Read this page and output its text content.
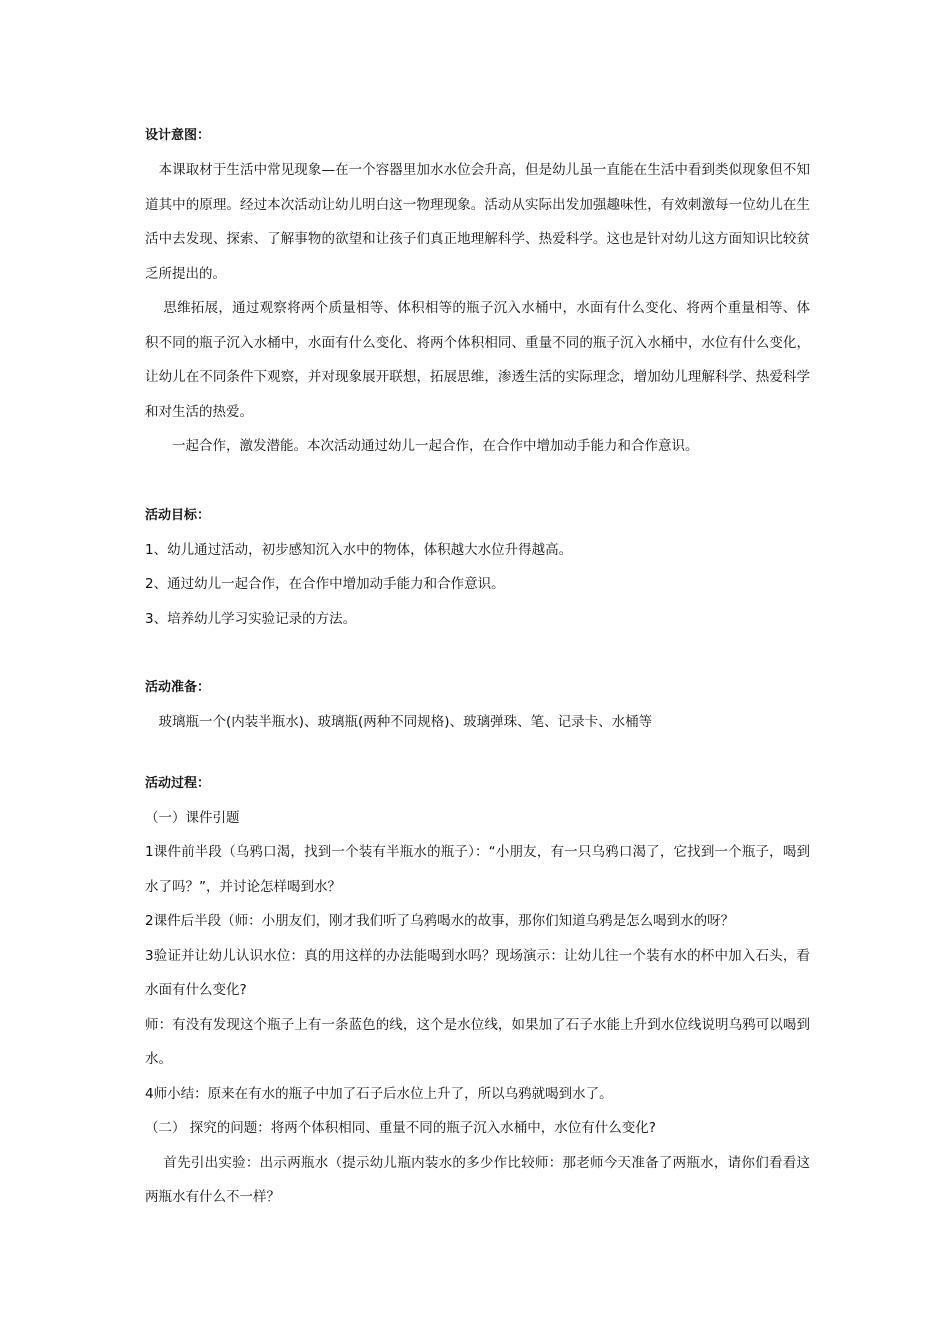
设计意图：

　本课取材于生活中常见现象—在一个容器里加水水位会升高，但是幼儿虽一直能在生活中看到类似现象但不知道其中的原理。经过本次活动让幼儿明白这一物理现象。活动从实际出发加强趣味性，有效刺激每一位幼儿在生活中去发现、探索、了解事物的欲望和让孩子们真正地理解科学、热爱科学。这也是针对幼儿这方面知识比较贫乏所提出的。

　 思维拓展，通过观察将两个质量相等、体积相等的瓶子沉入水桶中，水面有什么变化、将两个重量相等、体积不同的瓶子沉入水桶中，水面有什么变化、将两个体积相同、重量不同的瓶子沉入水桶中，水位有什么变化，让幼儿在不同条件下观察，并对现象展开联想，拓展思维，渗透生活的实际理念，增加幼儿理解科学、热爱科学和对生活的热爱。

　　一起合作，激发潜能。本次活动通过幼儿一起合作，在合作中增加动手能力和合作意识。

活动目标：

1、幼儿通过活动，初步感知沉入水中的物体，体积越大水位升得越高。

2、通过幼儿一起合作，在合作中增加动手能力和合作意识。

3、培养幼儿学习实验记录的方法。

活动准备：

　玻璃瓶一个(内装半瓶水)、玻璃瓶(两种不同规格)、玻璃弹珠、笔、记录卡、水桶等

活动过程：

（一）课件引题

1课件前半段（乌鸦口渴，找到一个装有半瓶水的瓶子）：“小朋友，有一只乌鸦口渴了，它找到一个瓶子，喝到水了吗？”，并讨论怎样喝到水？

2课件后半段（师：小朋友们，刚才我们听了乌鸦喝水的故事，那你们知道乌鸦是怎么喝到水的呀？

3验证并让幼儿认识水位：真的用这样的办法能喝到水吗？现场演示：让幼儿往一个装有水的杯中加入石头，看水面有什么变化?

师：有没有发现这个瓶子上有一条蓝色的线，这个是水位线，如果加了石子水能上升到水位线说明乌鸦可以喝到水。

4师小结：原来在有水的瓶子中加了石子后水位上升了，所以乌鸦就喝到水了。

（二） 探究的问题：将两个体积相同、重量不同的瓶子沉入水桶中，水位有什么变化?

　 首先引出实验：出示两瓶水（提示幼儿瓶内装水的多少作比较师：那老师今天准备了两瓶水，请你们看看这两瓶水有什么不一样？
